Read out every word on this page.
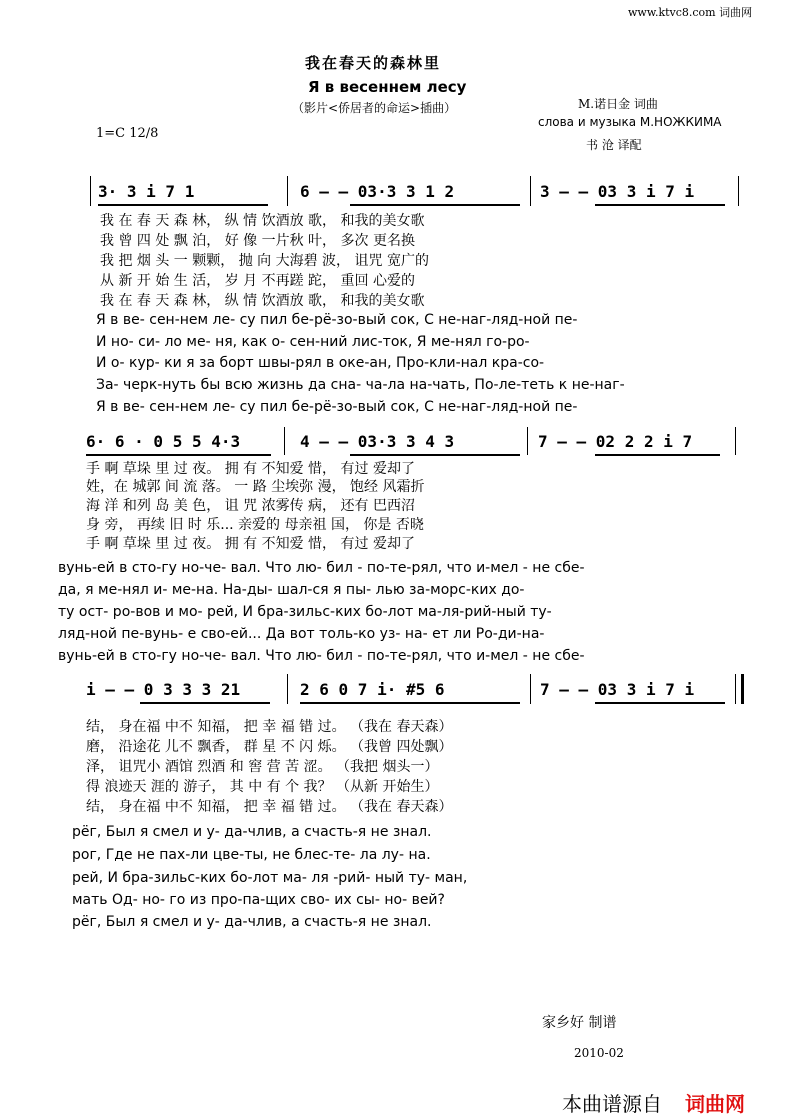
www.ktvc8.com 词曲网
我在春天的森林里
Я в весеннем лесу
（影片<侨居者的命运>插曲）	M.诺日金 词曲
слова и музыка М.НОЖКИМА
1=C 12/8
书 沧 译配
3· 3 i 7 1	6 – – 03·3 3 1 2	3 – – 03 3 i 7 i
我 在 春 天 森 林， 纵 情 饮酒放 歌， 和我的美女歌
我 曾 四 处 飘 泊， 好 像 一片秋 叶， 多次 更名换
我 把 烟 头 一 颗颗， 抛 向 大海碧 波， 诅咒 宽广的
从 新 开 始 生 活， 岁 月 不再蹉 跎， 重回 心爱的
我 在 春 天 森 林， 纵 情 饮酒放 歌， 和我的美女歌
Я в ве- сен-нем ле- су пил бе-рё-зо-вый сок, С не-наг-ляд-ной пе-
И но- си- ло ме- ня, как о- сен-ний лис-ток, Я ме-нял го-ро-
И о- кур- ки я за борт швы-рял в оке-ан, Про-кли-нал кра-со-
За- черк-нуть бы всю жизнь да сна- ча-ла на-чать, По-ле-теть к не-наг-
Я в ве- сен-нем ле- су пил бе-рё-зо-вый сок, С не-наг-ляд-ной пе-
6· 6 · 0 5 5 4·3	4 – – 03·3 3 4 3	7 – – 02 2 2 i 7
手 啊 草垛 里 过 夜。 拥 有 不知爱 惜， 有过 爱却了
姓，在 城郭 间 流 落。 一 路 尘埃弥 漫， 饱经 风霜折
海 洋 和列 岛 美 色， 诅 咒 浓雾传 病， 还有 巴西沼
身 旁， 再续 旧 时 乐... 亲爱的 母亲祖 国， 你是 否晓
手 啊 草垛 里 过 夜。 拥 有 不知爱 惜， 有过 爱却了
вунь-ей в сто-гу но-че- вал. Что лю- бил - по-те-рял, что и-мел - не сбе-
да, я ме-нял и- ме-на. На-ды- шал-ся я пы- лью за-морс-ких до-
ту ост- ро-вов и мо- рей, И бра-зильс-ких бо-лот ма-ля-рий-ный ту-
ляд-ной пе-вунь- е сво-ей... Да вот толь-ко уз- на- ет ли Ро-ди-на-
вунь-ей в сто-гу но-че- вал. Что лю- бил - по-те-рял, что и-мел - не сбе-
i – – 0 3 3 3 21	2 6 0 7 i· #5 6	7 – – 03 3 i 7 i
结， 身在福 中不 知福， 把 幸 福 错 过。 （我在 春天森）
磨， 沿途花 儿不 飘香， 群 星 不 闪 烁。 （我曾 四处飘）
泽， 诅咒小 酒馆 烈酒 和 窖 营 苦 涩。 （我把 烟头一）
得 浪迹天 涯的 游子， 其 中 有 个 我？ （从新 开始生）
结， 身在福 中不 知福， 把 幸 福 错 过。 （我在 春天森）
рёг, Был я смел и у- да-члив, а счасть-я не знал.
рог, Где не пах-ли цве-ты, не блес-те- ла лу- на.
рей, И бра-зильс-ких бо-лот ма- ля -рий- ный ту- ман,
мать Од- но- го из про-па-щих сво- их сы- но- вей?
рёг, Был я смел и у- да-члив, а счасть-я не знал.
家乡好 制谱
2010-02
本曲谱源自 词曲网
